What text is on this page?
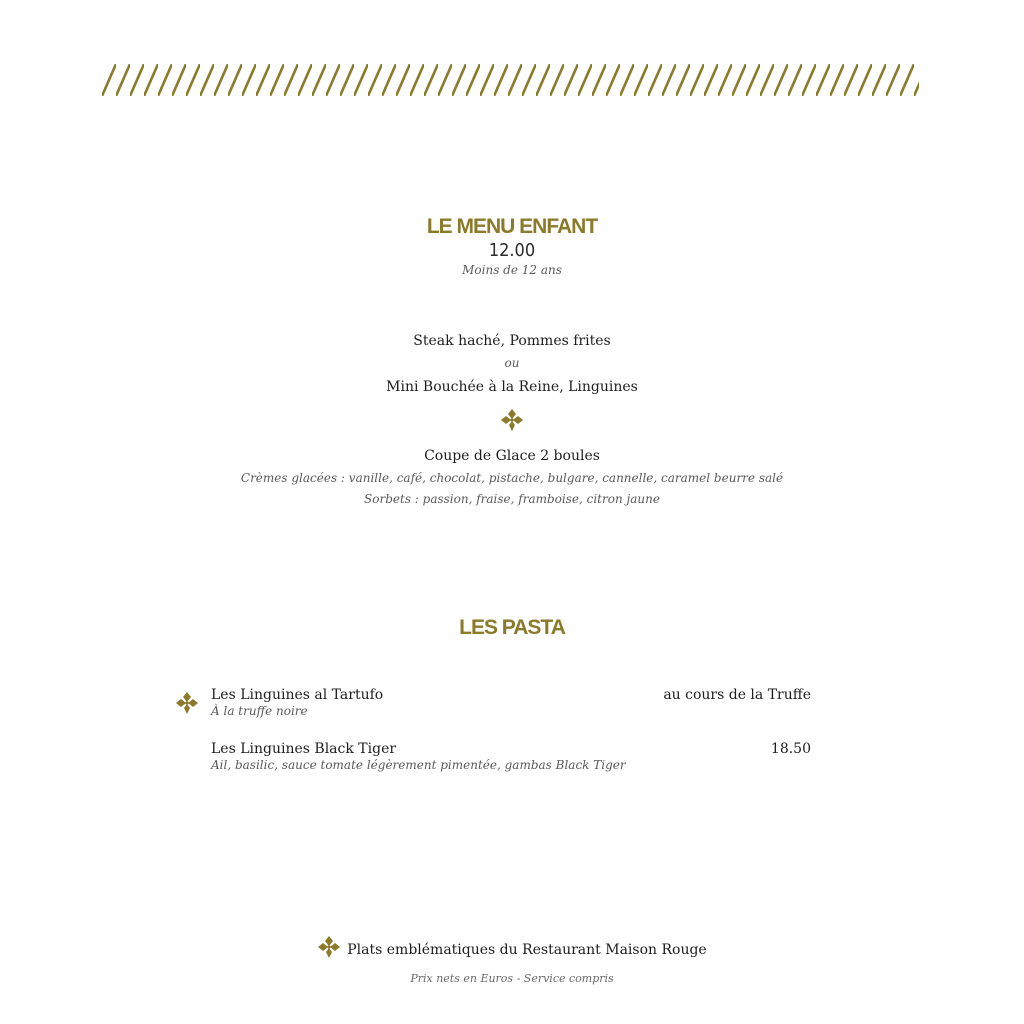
LE MENU ENFANT
12.00
Moins de 12 ans
Steak haché, Pommes frites
ou
Mini Bouchée à la Reine, Linguines
Coupe de Glace 2 boules
Crèmes glacées : vanille, café, chocolat, pistache, bulgare, cannelle, caramel beurre salé
Sorbets : passion, fraise, framboise, citron jaune
LES PASTA
Les Linguines al Tartufo
À la truffe noire
au cours de la Truffe
Les Linguines Black Tiger
Ail, basilic, sauce tomate légèrement pimentée, gambas Black Tiger
18.50
Plats emblématiques du Restaurant Maison Rouge
Prix nets en Euros - Service compris
